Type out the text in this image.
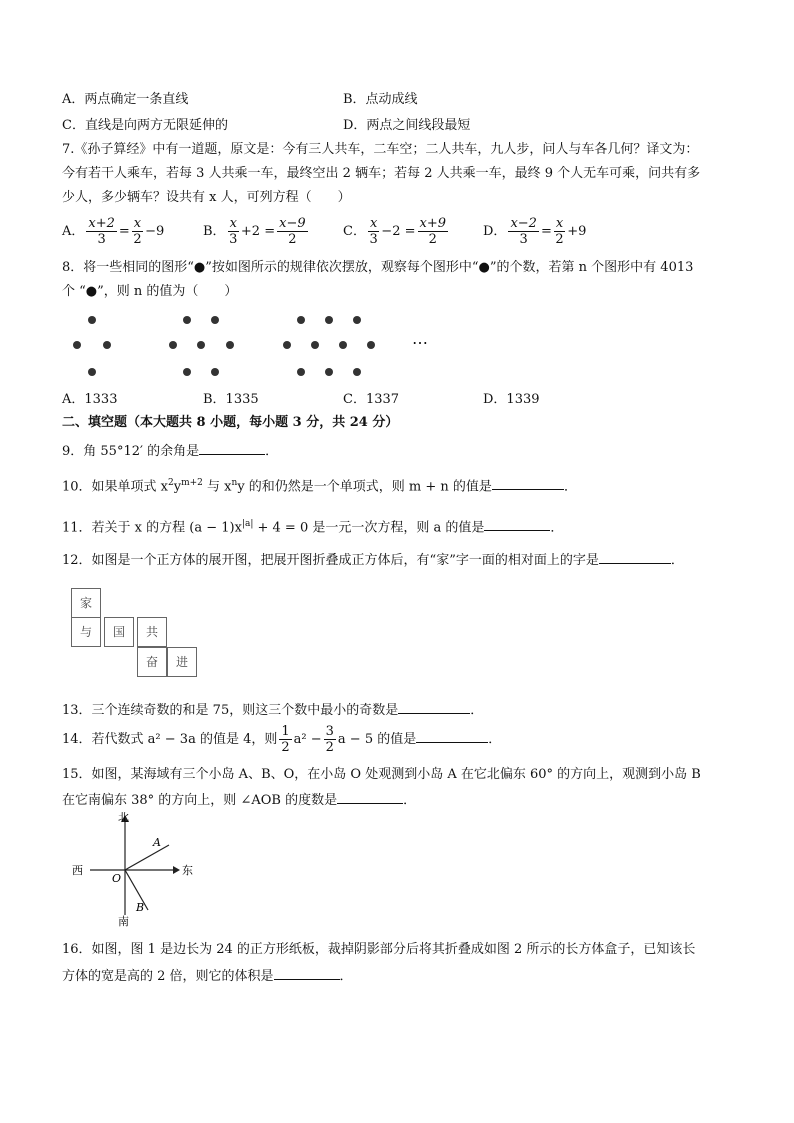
A．两点确定一条直线	B．点动成线
C．直线是向两方无限延伸的	D．两点之间线段最短
7.《孙子算经》中有一道题，原文是：今有三人共车，二车空；二人共车，九人步，问人与车各几何？译文为：
今有若干人乘车，若每 3 人共乘一车，最终空出 2 辆车；若每 2 人共乘一车，最终 9 个人无车可乘，问共有多
少人，多少辆车？设共有 x 人，可列方程（　　）
A． $\frac{x+2}{3} = \frac{x}{2} -9$	B． $\frac{x}{3} +2 = \frac{x-9}{2}$	C． $\frac{x}{3} -2 = \frac{x+9}{2}$	D． $\frac{x-2}{3} = \frac{x}{2} +9$
8．将一些相同的图形“●”按如图所示的规律依次摆放，观察每个图形中“●”的个数，若第 n 个图形中有 4013
个 “●”，则 n 的值为（　　）
⋯
A．1333	B．1335	C．1337	D．1339
二、填空题（本大题共 8 小题，每小题 3 分，共 24 分）
9．角 55°12′ 的余角是	．
10．如果单项式 $x^2y^{m+2}$ 与 $x^ny$ 的和仍然是一个单项式，则 m + n 的值是	．
11．若关于 x 的方程 $(a - 1)x^{|a|} + 4 = 0$ 是一元一次方程，则 a 的值是	．
12．如图是一个正方体的展开图，把展开图折叠成正方体后，有“家”字一面的相对面上的字是	．
家
与	国	共
奋	进
13．三个连续奇数的和是 75，则这三个数中最小的奇数是	．
14．若代数式 a² − 3a 的值是 4，则 $\frac{1}{2} a^2 - \frac{3}{2}$ a − 5 的值是	．
15．如图，某海域有三个小岛 A、B、O，在小岛 O 处观测到小岛 A 在它北偏东 60° 的方向上，观测到小岛 B
在它南偏东 38° 的方向上，则 ∠AOB 的度数是	．
北
南
西	东
O
A
B
16．如图，图 1 是边长为 24 的正方形纸板，裁掉阴影部分后将其折叠成如图 2 所示的长方体盒子，已知该长
方体的宽是高的 2 倍，则它的体积是	．
